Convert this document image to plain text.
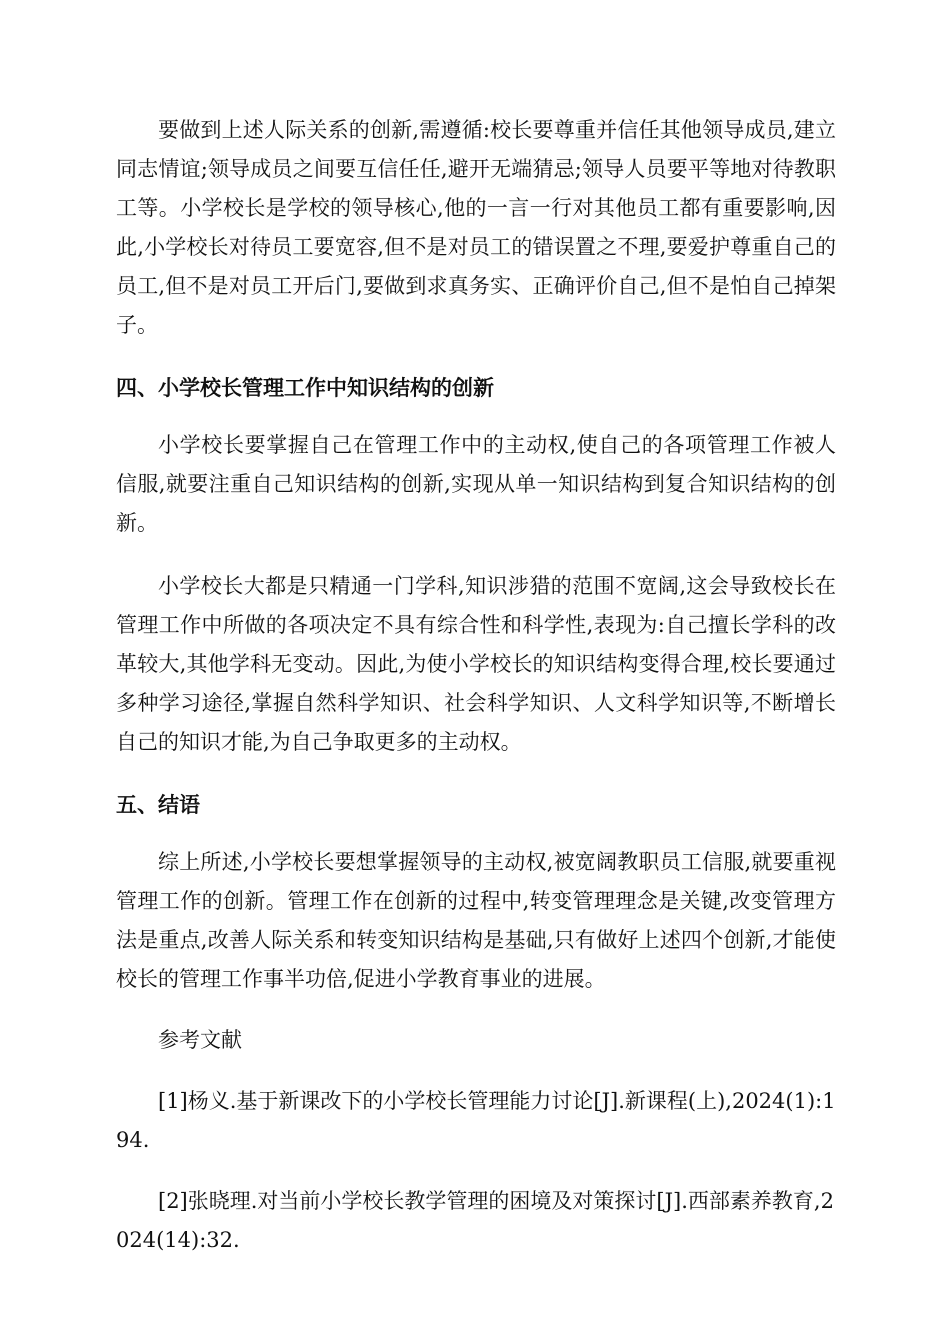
要做到上述人际关系的创新,需遵循:校长要尊重并信任其他领导成员,建立同志情谊;领导成员之间要互信任任,避开无端猜忌;领导人员要平等地对待教职工等。小学校长是学校的领导核心,他的一言一行对其他员工都有重要影响,因此,小学校长对待员工要宽容,但不是对员工的错误置之不理,要爱护尊重自己的员工,但不是对员工开后门,要做到求真务实、正确评价自己,但不是怕自己掉架子。

四、小学校长管理工作中知识结构的创新

小学校长要掌握自己在管理工作中的主动权,使自己的各项管理工作被人信服,就要注重自己知识结构的创新,实现从单一知识结构到复合知识结构的创新。

小学校长大都是只精通一门学科,知识涉猎的范围不宽阔,这会导致校长在管理工作中所做的各项决定不具有综合性和科学性,表现为:自己擅长学科的改革较大,其他学科无变动。因此,为使小学校长的知识结构变得合理,校长要通过多种学习途径,掌握自然科学知识、社会科学知识、人文科学知识等,不断增长自己的知识才能,为自己争取更多的主动权。

五、结语

综上所述,小学校长要想掌握领导的主动权,被宽阔教职员工信服,就要重视管理工作的创新。管理工作在创新的过程中,转变管理理念是关键,改变管理方法是重点,改善人际关系和转变知识结构是基础,只有做好上述四个创新,才能使校长的管理工作事半功倍,促进小学教育事业的进展。

参考文献

[1]杨义.基于新课改下的小学校长管理能力讨论[J].新课程(上),2024(1):194.

[2]张晓理.对当前小学校长教学管理的困境及对策探讨[J].西部素养教育,2024(14):32.
